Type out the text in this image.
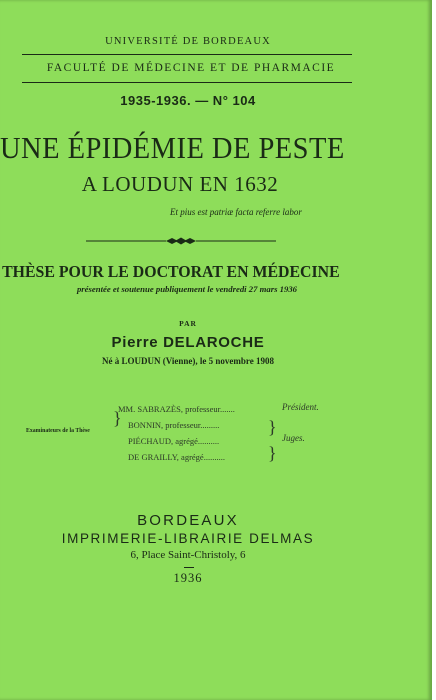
UNIVERSITÉ DE BORDEAUX
FACULTÉ DE MÉDECINE ET DE PHARMACIE
1935-1936. — N° 104
UNE ÉPIDÉMIE DE PESTE
A LOUDUN EN 1632
Et pius est patriæ facta referre labor
THÈSE POUR LE DOCTORAT EN MÉDECINE
présentée et soutenue publiquement le vendredi 27 mars 1936
PAR
Pierre DELAROCHE
Né à LOUDUN (Vienne), le 5 novembre 1908
Examinateurs de la Thèse
}
MM. SABRAZÈS, professeur.......
BONNIN, professeur.........
PIÉCHAUD, agrégé..........
DE GRAILLY, agrégé..........
}
}
Président.
Juges.
BORDEAUX
IMPRIMERIE-LIBRAIRIE DELMAS
6, Place Saint-Christoly, 6
1936
